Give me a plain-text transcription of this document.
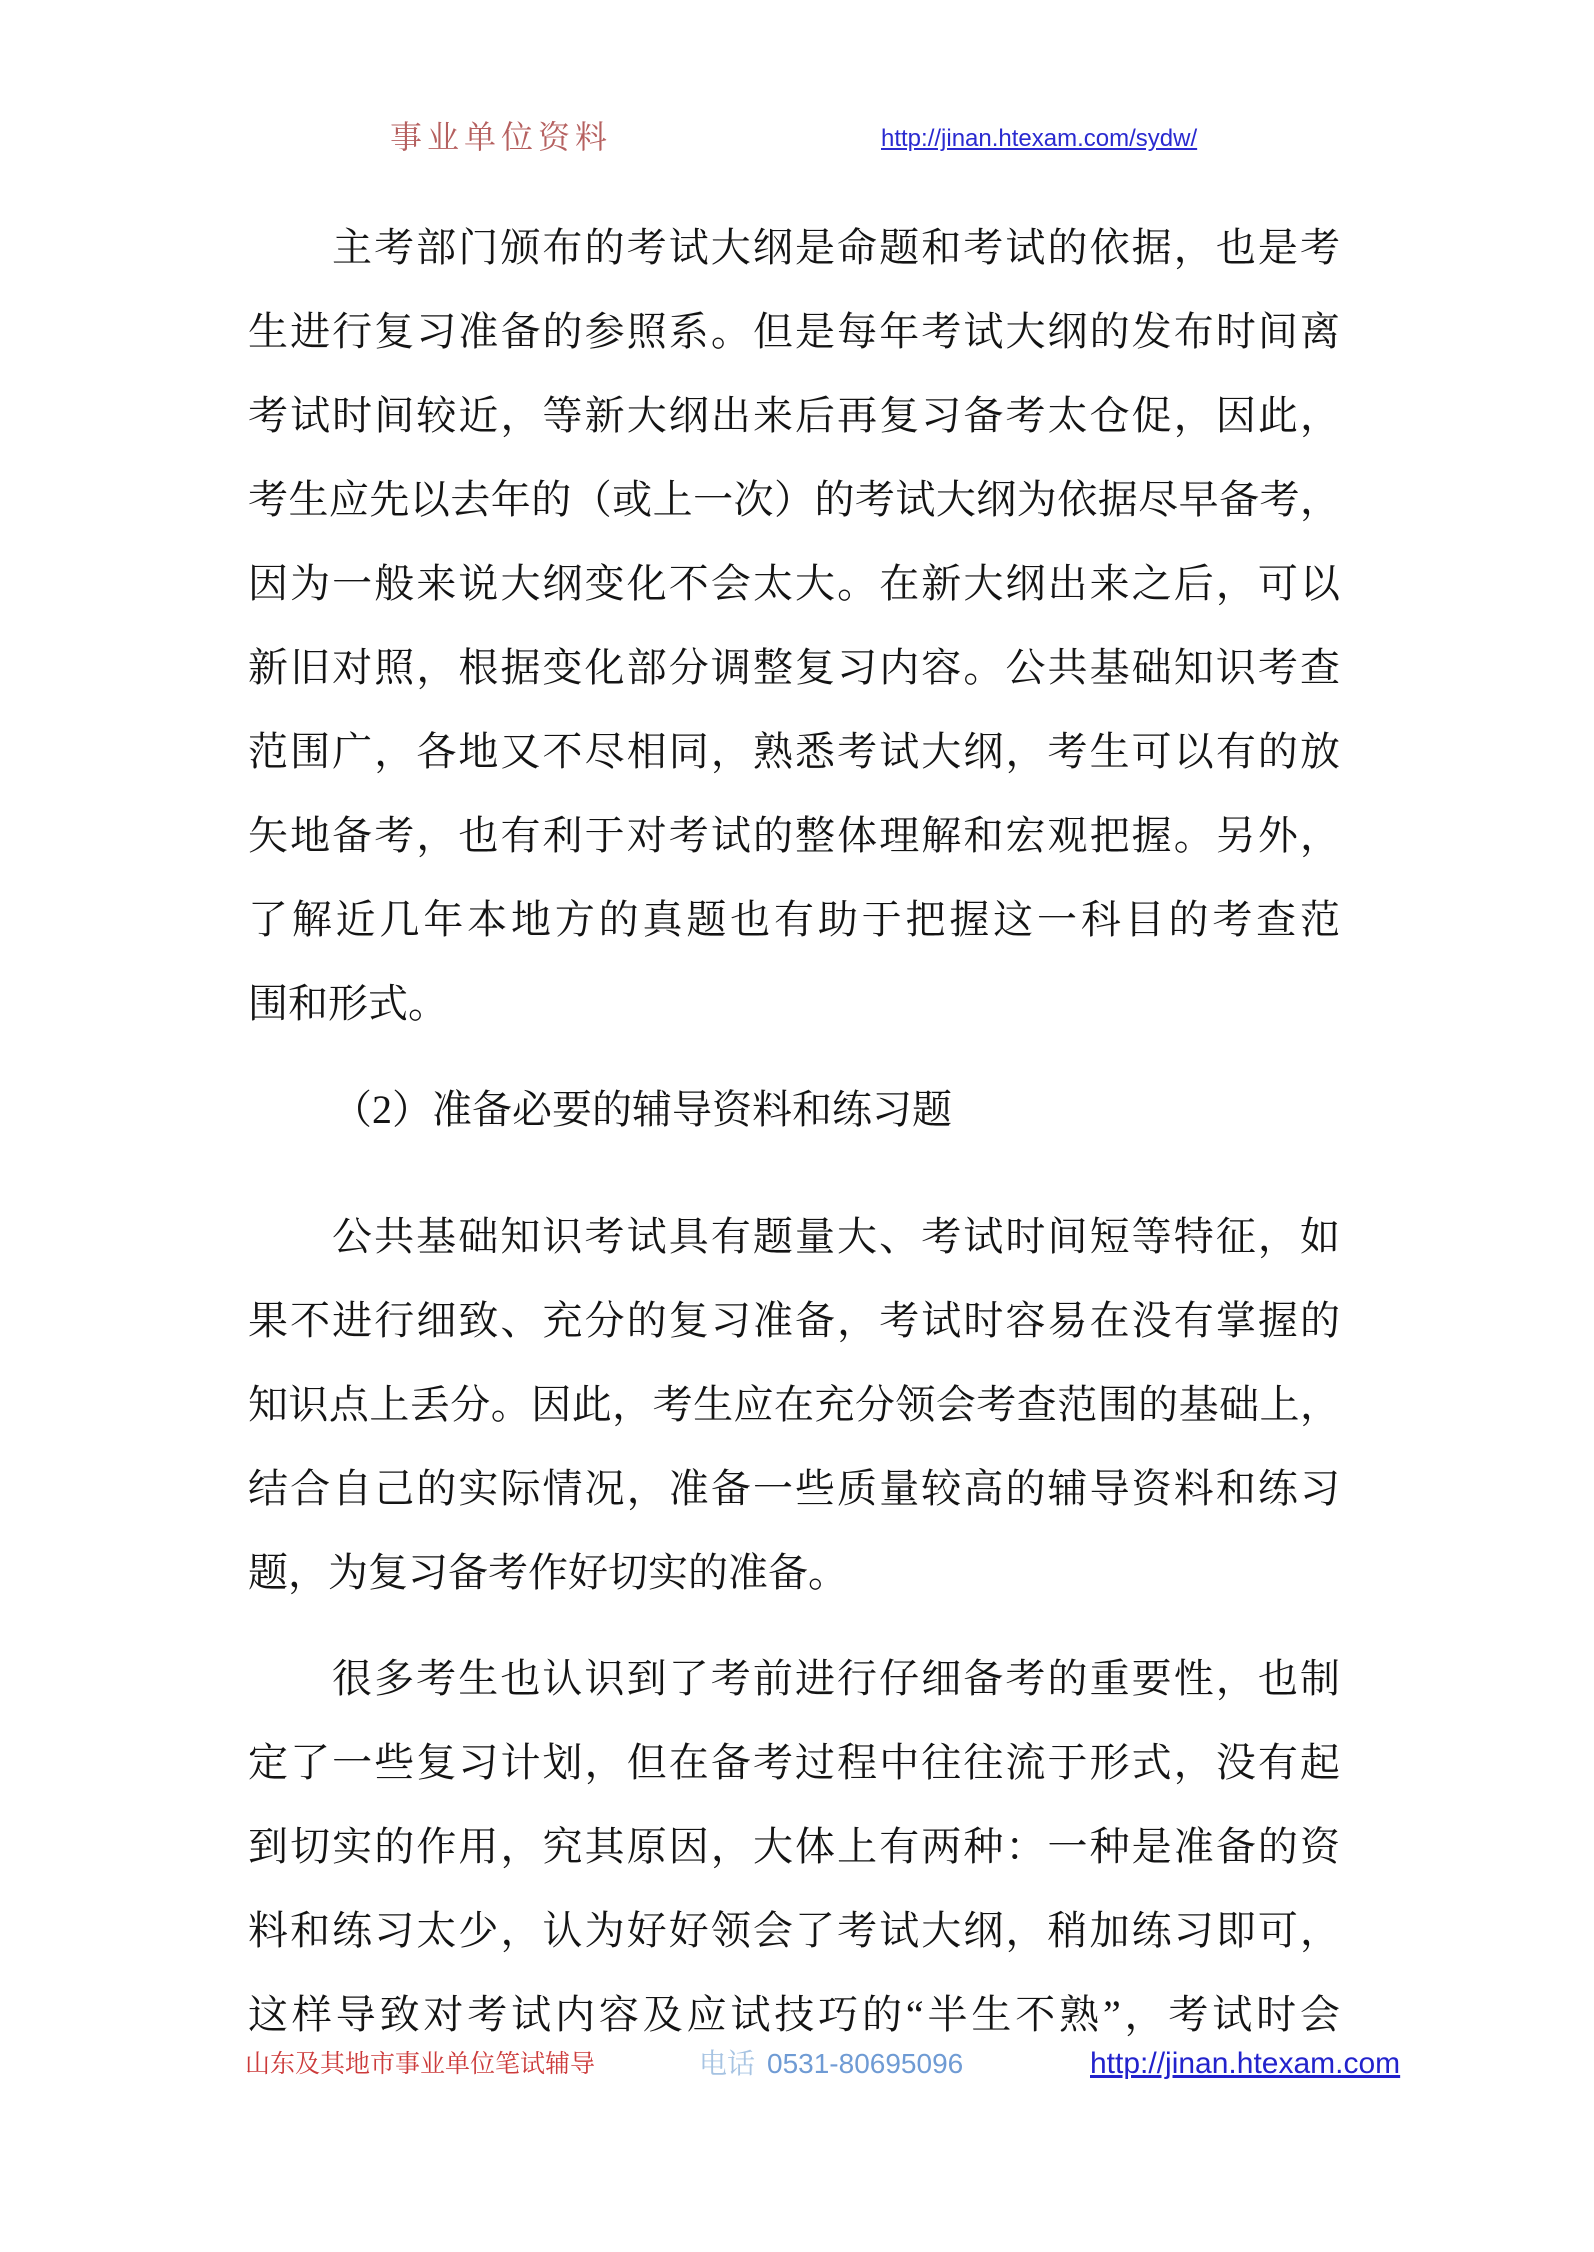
事业单位资料	http://jinan.htexam.com/sydw/
主考部门颁布的考试大纲是命题和考试的依据，也是考
生进行复习准备的参照系。但是每年考试大纲的发布时间离
考试时间较近，等新大纲出来后再复习备考太仓促，因此，
考生应先以去年的（或上一次）的考试大纲为依据尽早备考，
因为一般来说大纲变化不会太大。在新大纲出来之后，可以
新旧对照，根据变化部分调整复习内容。公共基础知识考查
范围广，各地又不尽相同，熟悉考试大纲，考生可以有的放
矢地备考，也有利于对考试的整体理解和宏观把握。另外，
了解近几年本地方的真题也有助于把握这一科目的考查范
围和形式。
（2）准备必要的辅导资料和练习题
公共基础知识考试具有题量大、考试时间短等特征，如
果不进行细致、充分的复习准备，考试时容易在没有掌握的
知识点上丢分。因此，考生应在充分领会考查范围的基础上，
结合自己的实际情况，准备一些质量较高的辅导资料和练习
题，为复习备考作好切实的准备。
很多考生也认识到了考前进行仔细备考的重要性，也制
定了一些复习计划，但在备考过程中往往流于形式，没有起
到切实的作用，究其原因，大体上有两种：一种是准备的资
料和练习太少，认为好好领会了考试大纲，稍加练习即可，
这样导致对考试内容及应试技巧的“半生不熟”，考试时会
山东及其地市事业单位笔试辅导	电话 0531-80695096	http://jinan.htexam.com
